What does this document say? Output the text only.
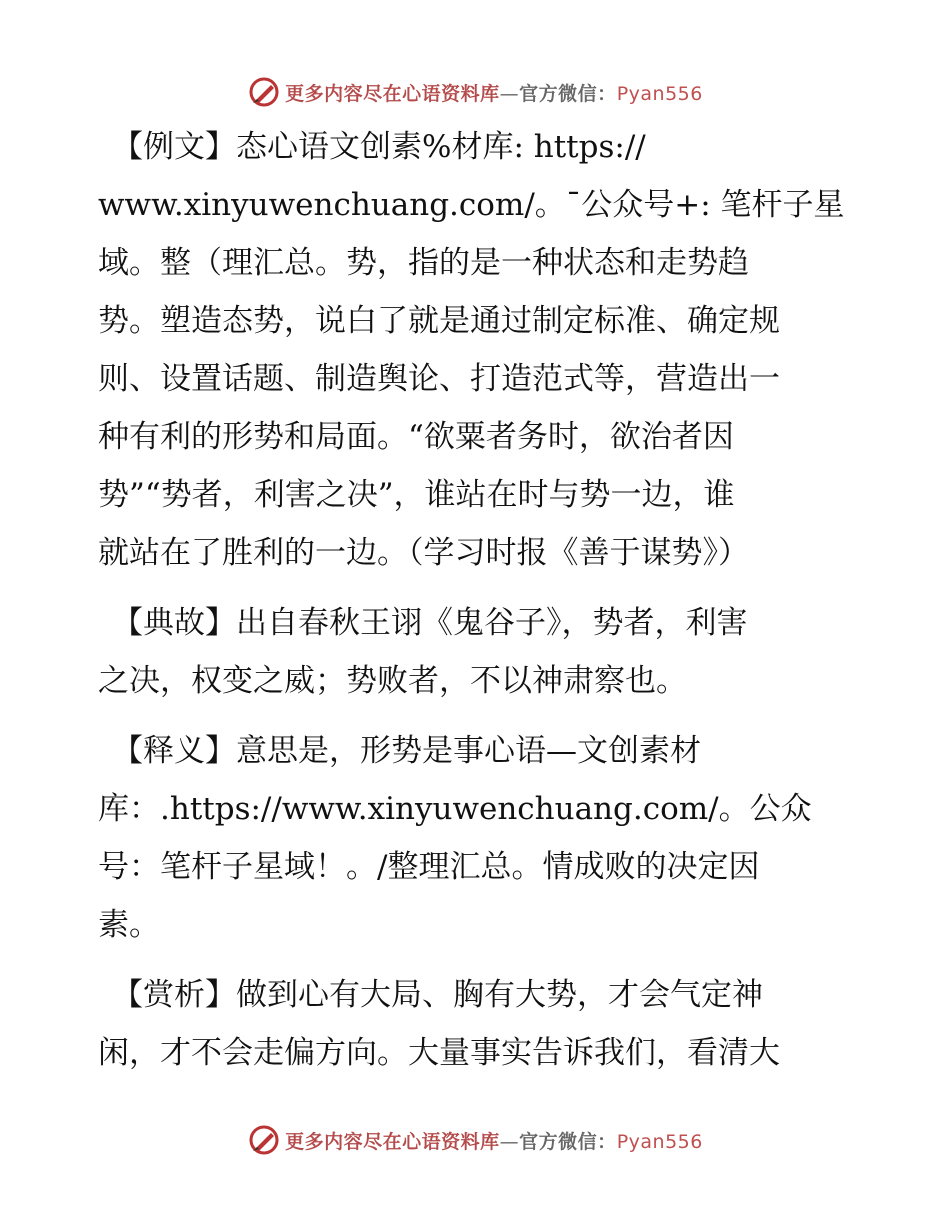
更多内容尽在心语资料库—官方微信：Pyan556
【例文】态心语文创素%材库: https://
www.xinyuwenchuang.com/。¯公众号+: 笔杆子星
域。整（理汇总。势，指的是一种状态和走势趋
势。塑造态势，说白了就是通过制定标准、确定规
则、设置话题、制造舆论、打造范式等，营造出一
种有利的形势和局面。“欲粟者务时，欲治者因
势”“势者，利害之决”，谁站在时与势一边，谁
就站在了胜利的一边。（学习时报《善于谋势》）
【典故】出自春秋王诩《鬼谷子》，势者，利害
之决，权变之威；势败者，不以神肃察也。
【释义】意思是，形势是事心语—文创素材
库：.https://www.xinyuwenchuang.com/。公众
号：笔杆子星域！。/整理汇总。情成败的决定因
素。
【赏析】做到心有大局、胸有大势，才会气定神
闲，才不会走偏方向。大量事实告诉我们，看清大
更多内容尽在心语资料库—官方微信：Pyan556
